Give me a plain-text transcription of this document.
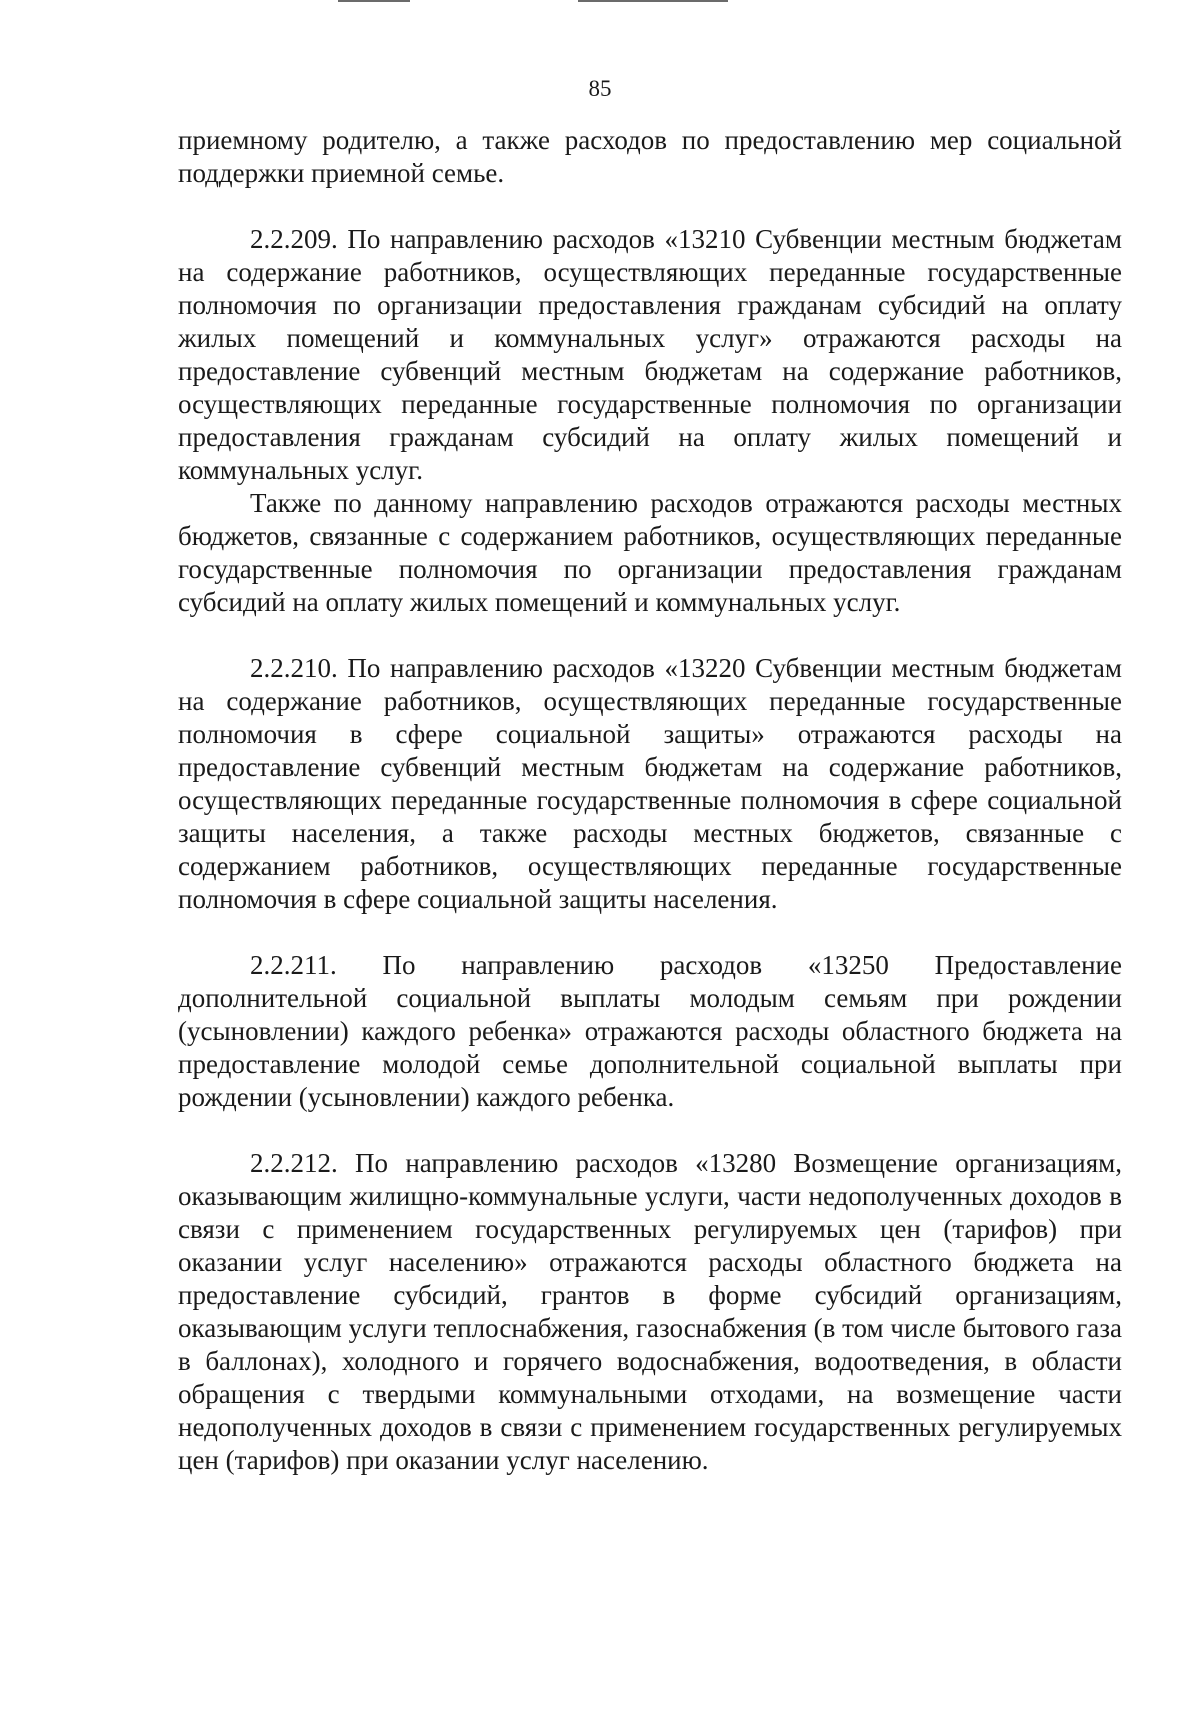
85

приемному родителю, а также расходов по предоставлению мер социальной поддержки приемной семье.

2.2.209. По направлению расходов «13210 Субвенции местным бюджетам на содержание работников, осуществляющих переданные государственные полномочия по организации предоставления гражданам субсидий на оплату жилых помещений и коммунальных услуг» отражаются расходы на предоставление субвенций местным бюджетам на содержание работников, осуществляющих переданные государственные полномочия по организации предоставления гражданам субсидий на оплату жилых помещений и коммунальных услуг.

Также по данному направлению расходов отражаются расходы местных бюджетов, связанные с содержанием работников, осуществляющих переданные государственные полномочия по организации предоставления гражданам субсидий на оплату жилых помещений и коммунальных услуг.

2.2.210. По направлению расходов «13220 Субвенции местным бюджетам на содержание работников, осуществляющих переданные государственные полномочия в сфере социальной защиты» отражаются расходы на предоставление субвенций местным бюджетам на содержание работников, осуществляющих переданные государственные полномочия в сфере социальной защиты населения, а также расходы местных бюджетов, связанные с содержанием работников, осуществляющих переданные государственные полномочия в сфере социальной защиты населения.

2.2.211. По направлению расходов «13250 Предоставление дополнительной социальной выплаты молодым семьям при рождении (усыновлении) каждого ребенка» отражаются расходы областного бюджета на предоставление молодой семье дополнительной социальной выплаты при рождении (усыновлении) каждого ребенка.

2.2.212. По направлению расходов «13280 Возмещение организациям, оказывающим жилищно-коммунальные услуги, части недополученных доходов в связи с применением государственных регулируемых цен (тарифов) при оказании услуг населению» отражаются расходы областного бюджета на предоставление субсидий, грантов в форме субсидий организациям, оказывающим услуги теплоснабжения, газоснабжения (в том числе бытового газа в баллонах), холодного и горячего водоснабжения, водоотведения, в области обращения с твердыми коммунальными отходами, на возмещение части недополученных доходов в связи с применением государственных регулируемых цен (тарифов) при оказании услуг населению.
